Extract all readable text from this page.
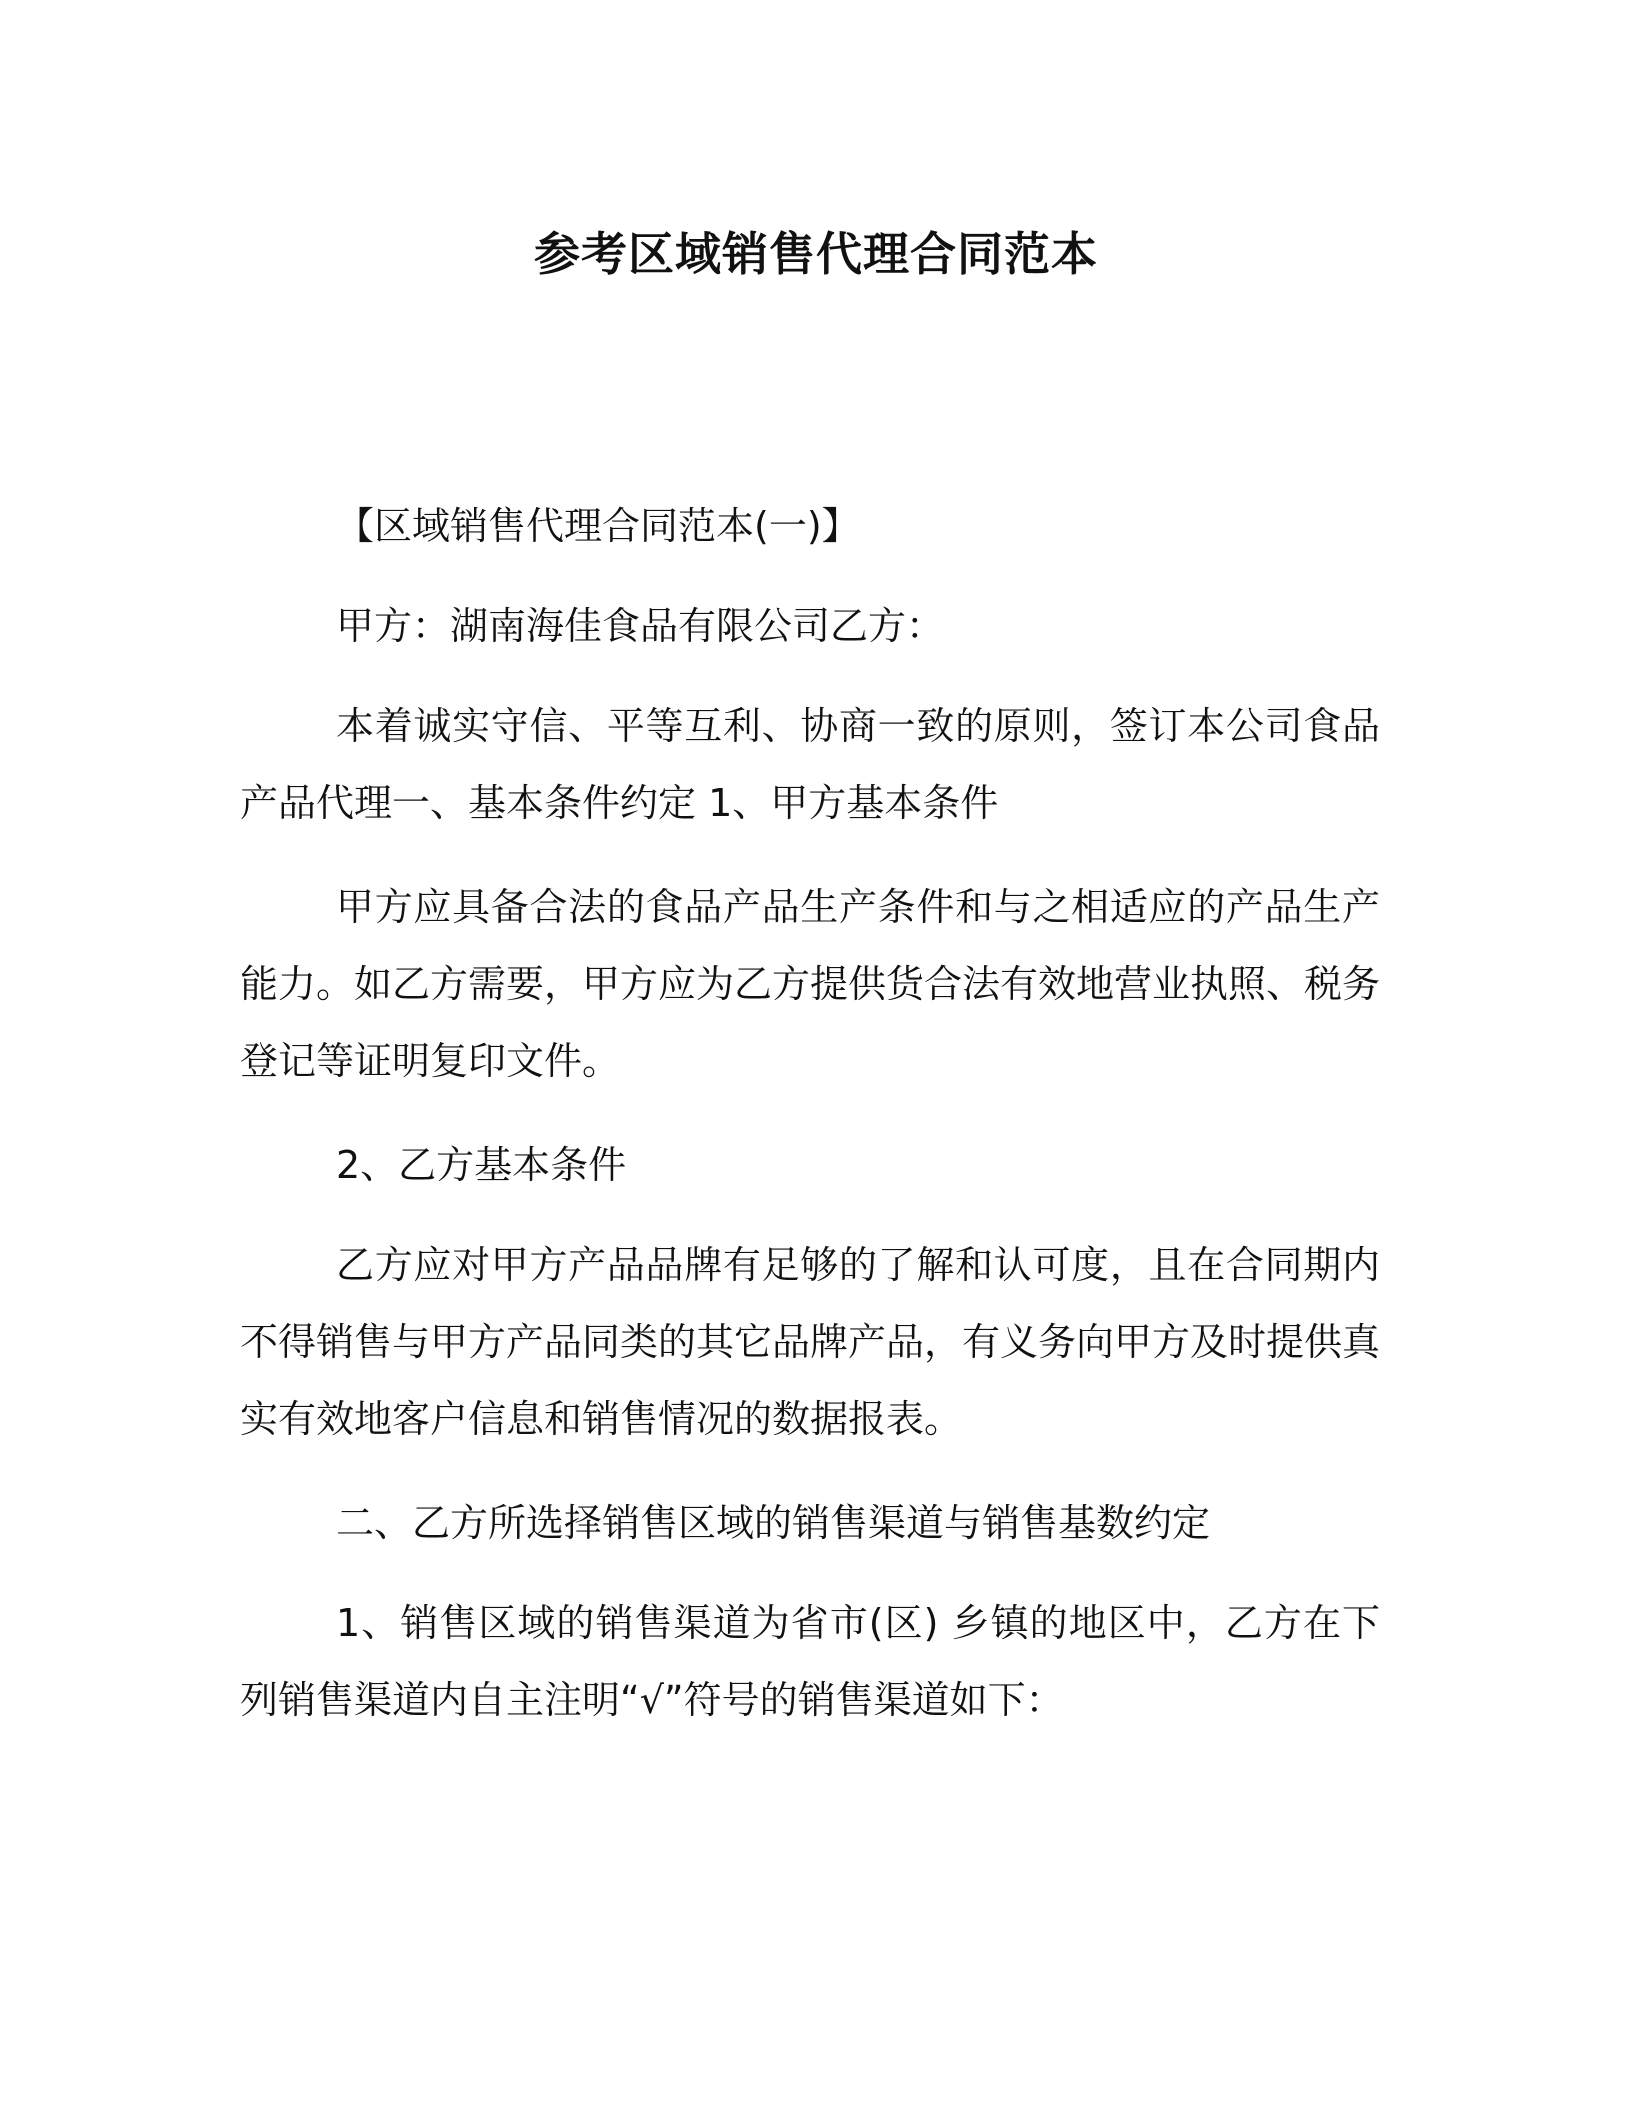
参考区域销售代理合同范本

【区域销售代理合同范本(一)】

甲方：湖南海佳食品有限公司乙方：

本着诚实守信、平等互利、协商一致的原则，签订本公司食品产品代理一、基本条件约定 1、甲方基本条件

甲方应具备合法的食品产品生产条件和与之相适应的产品生产能力。如乙方需要，甲方应为乙方提供货合法有效地营业执照、税务登记等证明复印文件。

2、乙方基本条件

乙方应对甲方产品品牌有足够的了解和认可度，且在合同期内不得销售与甲方产品同类的其它品牌产品，有义务向甲方及时提供真实有效地客户信息和销售情况的数据报表。

二、乙方所选择销售区域的销售渠道与销售基数约定

1、销售区域的销售渠道为省市(区) 乡镇的地区中，乙方在下列销售渠道内自主注明“√”符号的销售渠道如下：
